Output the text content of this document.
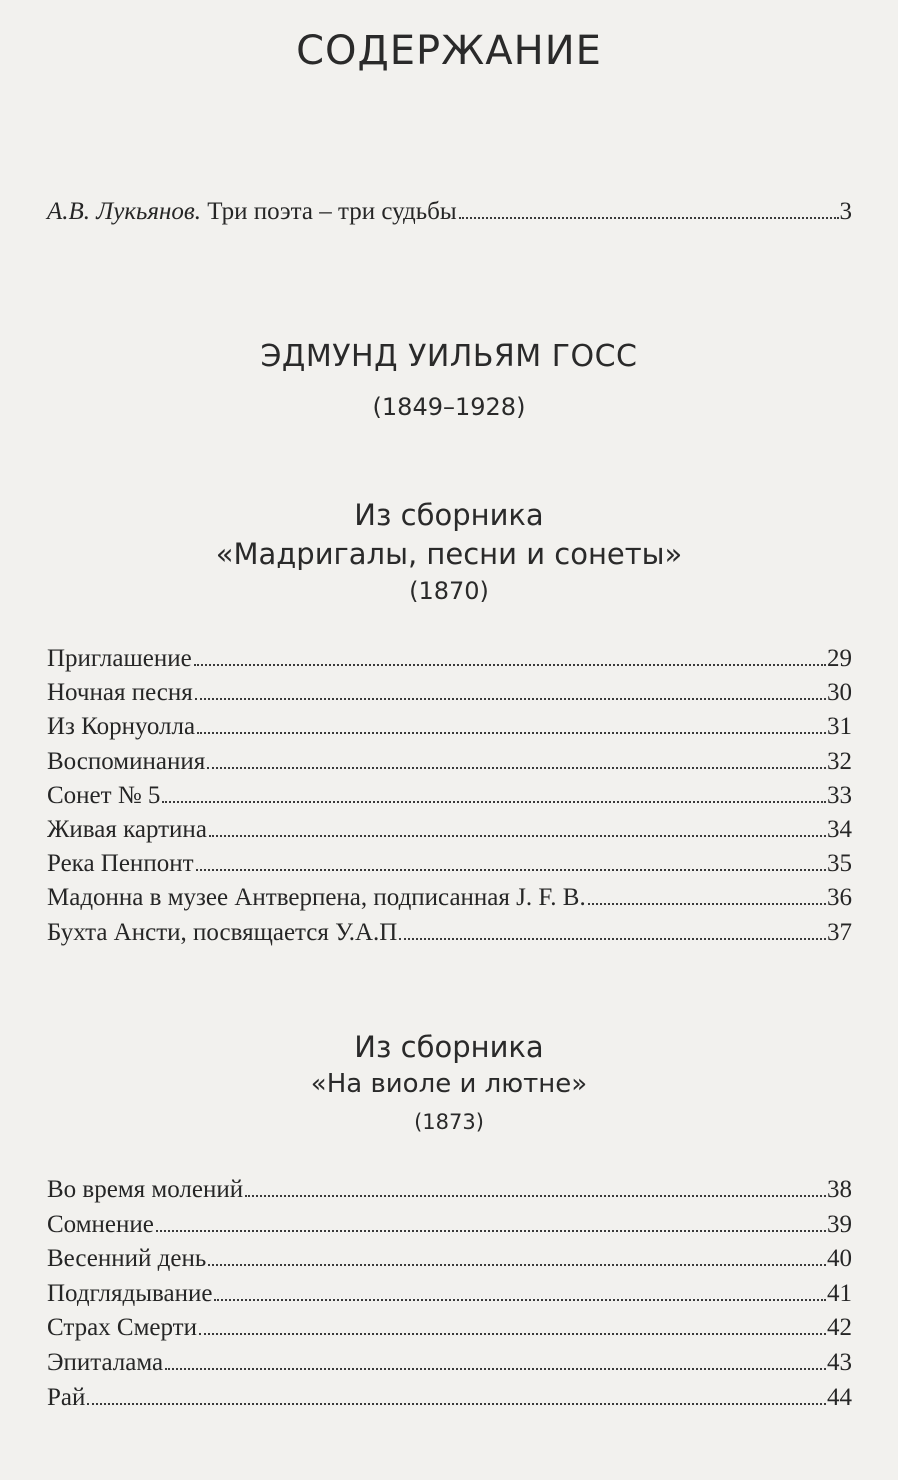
СОДЕРЖАНИЕ
А.В. Лукьянов. Три поэта – три судьбы	3
ЭДМУНД УИЛЬЯМ ГОСС
(1849–1928)
Из сборника
«Мадригалы, песни и сонеты»
(1870)
Приглашение	29
Ночная песня	30
Из Корнуолла	31
Воспоминания	32
Сонет № 5	33
Живая картина	34
Река Пенпонт	35
Мадонна в музее Антверпена, подписанная J. F. B.	36
Бухта Ансти, посвящается У.А.П	37
Из сборника
«На виоле и лютне»
(1873)
Во время молений	38
Сомнение	39
Весенний день	40
Подглядывание	41
Страх Смерти	42
Эпиталама	43
Рай	44
